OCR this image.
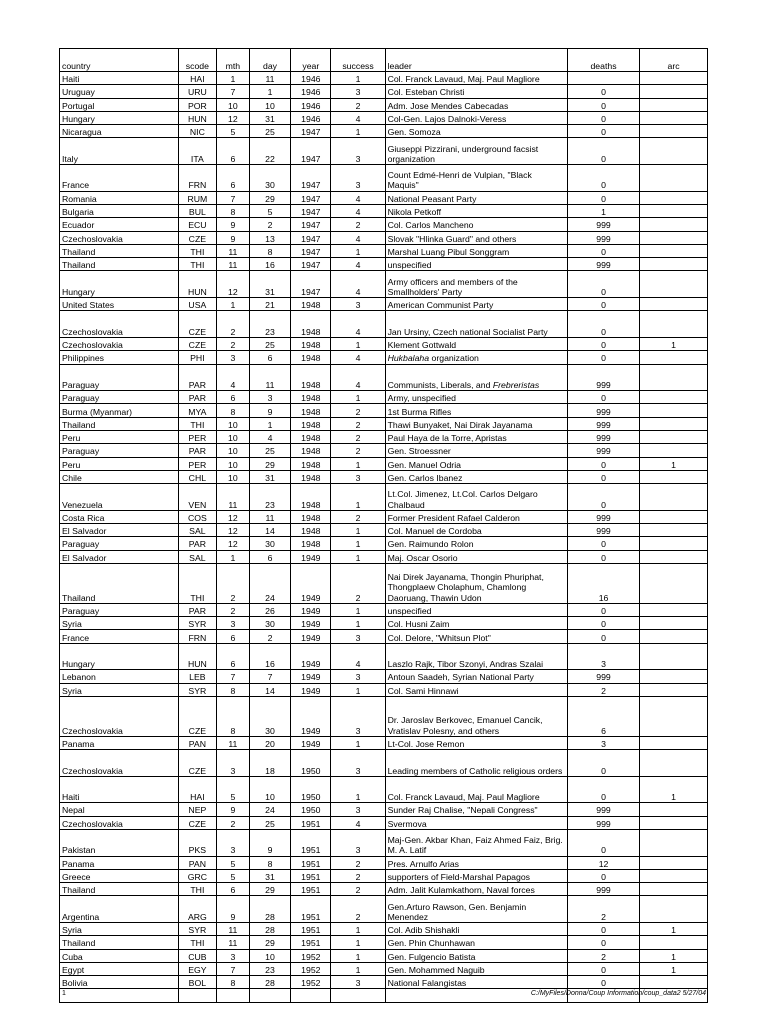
country	scode	mth	day	year	success	leader	deaths	arc
Haiti	HAI	1	11	1946	1	Col. Franck Lavaud, Maj. Paul Magliore		
Uruguay	URU	7	1	1946	3	Col. Esteban Christi	0	
Portugal	POR	10	10	1946	2	Adm. Jose Mendes Cabecadas	0	
Hungary	HUN	12	31	1946	4	Col-Gen. Lajos Dalnoki-Veress	0	
Nicaragua	NIC	5	25	1947	1	Gen. Somoza	0	
Italy	ITA	6	22	1947	3	Giuseppi Pizzirani, underground facsist organization	0	
France	FRN	6	30	1947	3	Count Edmé-Henri de Vulpian, "Black Maquis"	0	
Romania	RUM	7	29	1947	4	National Peasant Party	0	
Bulgaria	BUL	8	5	1947	4	Nikola Petkoff	1	
Ecuador	ECU	9	2	1947	2	Col. Carlos Mancheno	999	
Czechoslovakia	CZE	9	13	1947	4	Slovak "Hlinka Guard" and others	999	
Thailand	THI	11	8	1947	1	Marshal Luang Pibul Songgram	0	
Thailand	THI	11	16	1947	4	unspecified	999	
Hungary	HUN	12	31	1947	4	Army officers and members of the Smallholders' Party	0	
United States	USA	1	21	1948	3	American Communist Party	0	
Czechoslovakia	CZE	2	23	1948	4	Jan Ursiny, Czech national Socialist Party	0	
Czechoslovakia	CZE	2	25	1948	1	Klement Gottwald	0	1
Philippines	PHI	3	6	1948	4	Hukbalaha organization	0	
Paraguay	PAR	4	11	1948	4	Communists, Liberals, and Frebreristas	999	
Paraguay	PAR	6	3	1948	1	Army, unspecified	0	
Burma (Myanmar)	MYA	8	9	1948	2	1st Burma Rifles	999	
Thailand	THI	10	1	1948	2	Thawi Bunyaket, Nai Dirak Jayanama	999	
Peru	PER	10	4	1948	2	Paul Haya de la Torre, Apristas	999	
Paraguay	PAR	10	25	1948	2	Gen. Stroessner	999	
Peru	PER	10	29	1948	1	Gen. Manuel Odria	0	1
Chile	CHL	10	31	1948	3	Gen. Carlos Ibanez	0	
Venezuela	VEN	11	23	1948	1	Lt.Col. Jimenez, Lt.Col. Carlos Delgaro Chalbaud	0	
Costa Rica	COS	12	11	1948	2	Former President Rafael Calderon	999	
El Salvador	SAL	12	14	1948	1	Col. Manuel de Cordoba	999	
Paraguay	PAR	12	30	1948	1	Gen. Raimundo Rolon	0	
El Salvador	SAL	1	6	1949	1	Maj. Oscar Osorio	0	
Thailand	THI	2	24	1949	2	Nai Direk Jayanama, Thongin Phuriphat, Thongplaew Cholaphum, Chamlong Daoruang, Thawin Udon	16	
Paraguay	PAR	2	26	1949	1	unspecified	0	
Syria	SYR	3	30	1949	1	Col. Husni Zaim	0	
France	FRN	6	2	1949	3	Col. Delore, "Whitsun Plot"	0	
Hungary	HUN	6	16	1949	4	Laszlo Rajk, Tibor Szonyi, Andras Szalai	3	
Lebanon	LEB	7	7	1949	3	Antoun Saadeh, Syrian National Party	999	
Syria	SYR	8	14	1949	1	Col. Sami Hinnawi	2	
Czechoslovakia	CZE	8	30	1949	3	Dr. Jaroslav Berkovec, Emanuel Cancik, Vratislav Polesny, and others	6	
Panama	PAN	11	20	1949	1	Lt-Col. Jose Remon	3	
Czechoslovakia	CZE	3	18	1950	3	Leading members of Catholic religious orders	0	
Haiti	HAI	5	10	1950	1	Col. Franck Lavaud, Maj. Paul Magliore	0	1
Nepal	NEP	9	24	1950	3	Sunder Raj Chalise, "Nepali Congress"	999	
Czechoslovakia	CZE	2	25	1951	4	Svermova	999	
Pakistan	PKS	3	9	1951	3	Maj-Gen. Akbar Khan, Faiz Ahmed Faiz, Brig. M. A. Latif	0	
Panama	PAN	5	8	1951	2	Pres. Arnulfo Arias	12	
Greece	GRC	5	31	1951	2	supporters of Field-Marshal Papagos	0	
Thailand	THI	6	29	1951	2	Adm. Jalit Kulamkathorn, Naval forces	999	
Argentina	ARG	9	28	1951	2	Gen.Arturo Rawson, Gen. Benjamin Menendez	2	
Syria	SYR	11	28	1951	1	Col. Adib Shishakli	0	1
Thailand	THI	11	29	1951	1	Gen. Phin Chunhawan	0	
Cuba	CUB	3	10	1952	1	Gen. Fulgencio Batista	2	1
Egypt	EGY	7	23	1952	1	Gen. Mohammed Naguib	0	1
Bolivia	BOL	8	28	1952	3	National Falangistas	0	

1	C:/MyFiles/Donna/Coup Information/coup_data2 5/27/04
